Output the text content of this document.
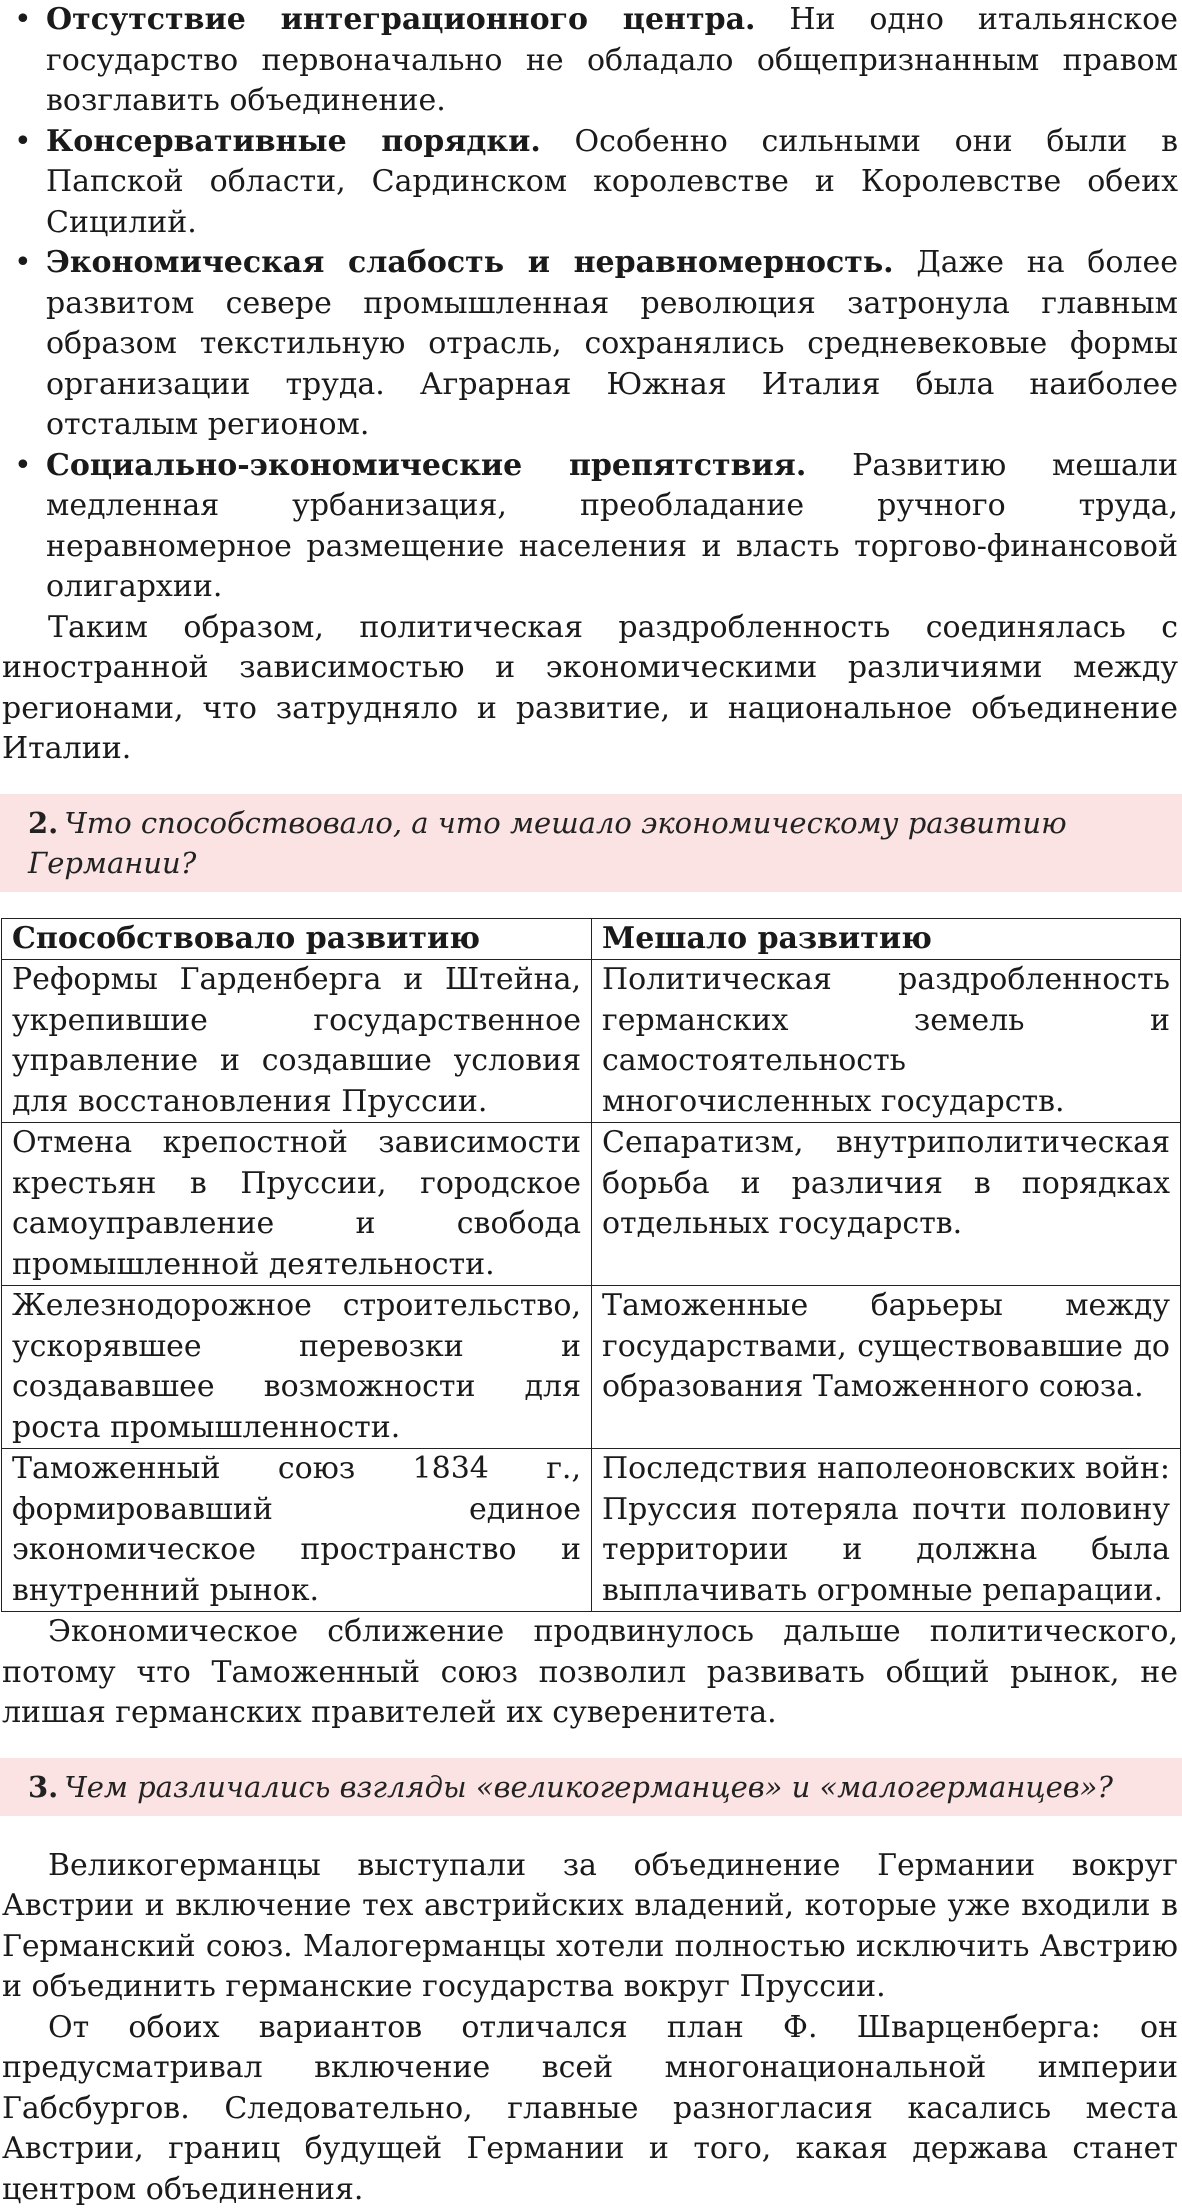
• Отсутствие интеграционного центра. Ни одно итальянское государство первоначально не обладало общепризнанным правом возглавить объединение.
• Консервативные порядки. Особенно сильными они были в Папской области, Сардинском королевстве и Королевстве обеих Сицилий.
• Экономическая слабость и неравномерность. Даже на более развитом севере промышленная революция затронула главным образом текстильную отрасль, сохранялись средневековые формы организации труда. Аграрная Южная Италия была наиболее отсталым регионом.
• Социально-экономические препятствия. Развитию мешали медленная урбанизация, преобладание ручного труда, неравномерное размещение населения и власть торгово-финансовой олигархии.

Таким образом, политическая раздробленность соединялась с иностранной зависимостью и экономическими различиями между регионами, что затрудняло и развитие, и национальное объединение Италии.

2. Что способствовало, а что мешало экономическому развитию Германии?
Способствовало развитию	Мешало развитию
Реформы Гарденберга и Штейна, укрепившие государственное управление и создавшие условия для восстановления Пруссии.	Политическая раздробленность германских земель и самостоятельность многочисленных государств.
Отмена крепостной зависимости крестьян в Пруссии, городское самоуправление и свобода промышленной деятельности.	Сепаратизм, внутриполитическая борьба и различия в порядках отдельных государств.
Железнодорожное строительство, ускорявшее перевозки и создававшее возможности для роста промышленности.	Таможенные барьеры между государствами, существовавшие до образования Таможенного союза.
Таможенный союз 1834 г., формировавший единое экономическое пространство и внутренний рынок.	Последствия наполеоновских войн: Пруссия потеряла почти половину территории и должна была выплачивать огромные репарации.

Экономическое сближение продвинулось дальше политического, потому что Таможенный союз позволил развивать общий рынок, не лишая германских правителей их суверенитета.

3. Чем различались взгляды «великогерманцев» и «малогерманцев»?

Великогерманцы выступали за объединение Германии вокруг Австрии и включение тех австрийских владений, которые уже входили в Германский союз. Малогерманцы хотели полностью исключить Австрию и объединить германские государства вокруг Пруссии.

От обоих вариантов отличался план Ф. Шварценберга: он предусматривал включение всей многонациональной империи Габсбургов. Следовательно, главные разногласия касались места Австрии, границ будущей Германии и того, какая держава станет центром объединения.
